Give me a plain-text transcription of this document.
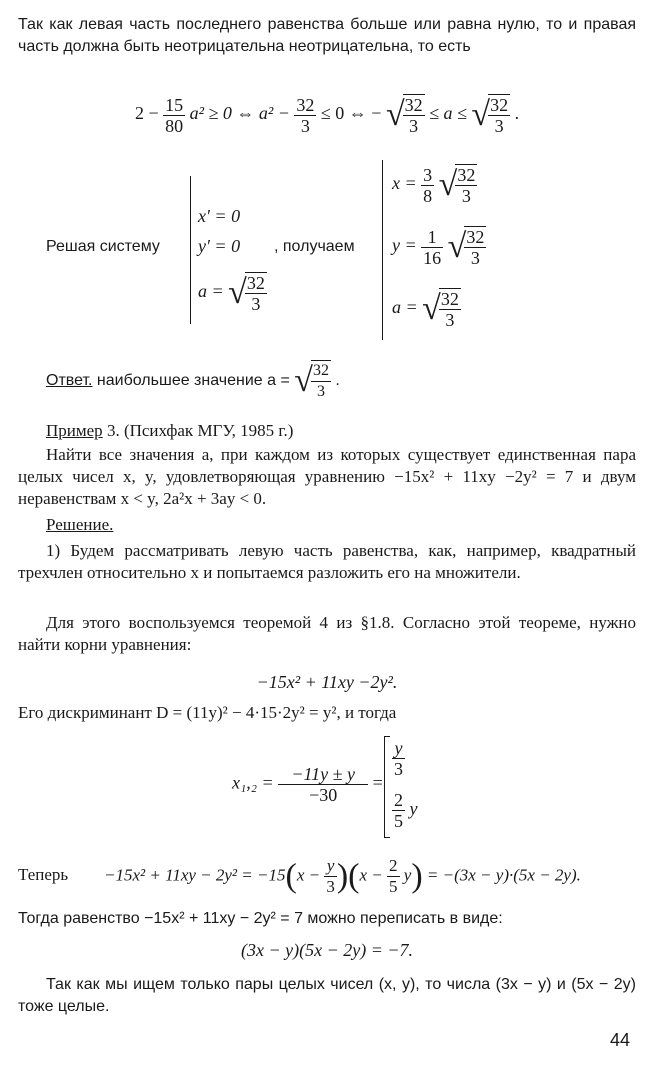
Так как левая часть последнего равенства больше или равна нулю, то и правая часть должна быть неотрицательна неотрицательна, то есть

$2 - \frac{15}{80} a^2 \ge 0$ ⇔ $a^2 - \frac{32}{3} \le 0$ ⇔ − √
$\frac{32}{3} \le a$ ≤ √
$\frac{32}{3}$ .
Решая систему
x′ = 0
y′ = 0
a = √
$\frac{32}{3}$
, получаем
$x = \frac{3}{8}$ √
$\frac{32}{3}$
$y = \frac{1}{16}$ √
$\frac{32}{3}$
a = √
$\frac{32}{3}$
Ответ. наибольшее значение a = √
$\frac{32}{3}$ .
Пример 3. (Психфак МГУ, 1985 г.)

Найти все значения a, при каждом из которых существует единственная пара целых чисел x, y, удовлетворяющая уравнению −15x² + 11xy −2y² = 7 и двум неравенствам x < y, 2a²x + 3ay < 0.

Решение.

1) Будем рассматривать левую часть равенства, как, например, квадратный трехчлен относительно x и попытаемся разложить его на множители.

Для этого воспользуемся теоремой 4 из §1.8. Согласно этой теореме, нужно найти корни уравнения:

−15x² + 11xy −2y².

Его дискриминант D = (11y)² − 4·15·2y² = y², и тогда

$x_1,_2 = \frac{-11y \pm y}{-30}$ =
$\frac{y}{3}$
$\frac{2}{5}$ y
Теперь $-15x^2 + 11xy - 2y^2 = -15(x - \frac{y}{3} )(x - \frac{2}{5} y) = -(3x - y)\cdot(5x - 2y)$.

Тогда равенство −15x² + 11xy − 2y² = 7 можно переписать в виде:

(3x − y)(5x − 2y) = −7.

Так как мы ищем только пары целых чисел (x, y), то числа (3x − y) и (5x − 2y) тоже целые.

44
